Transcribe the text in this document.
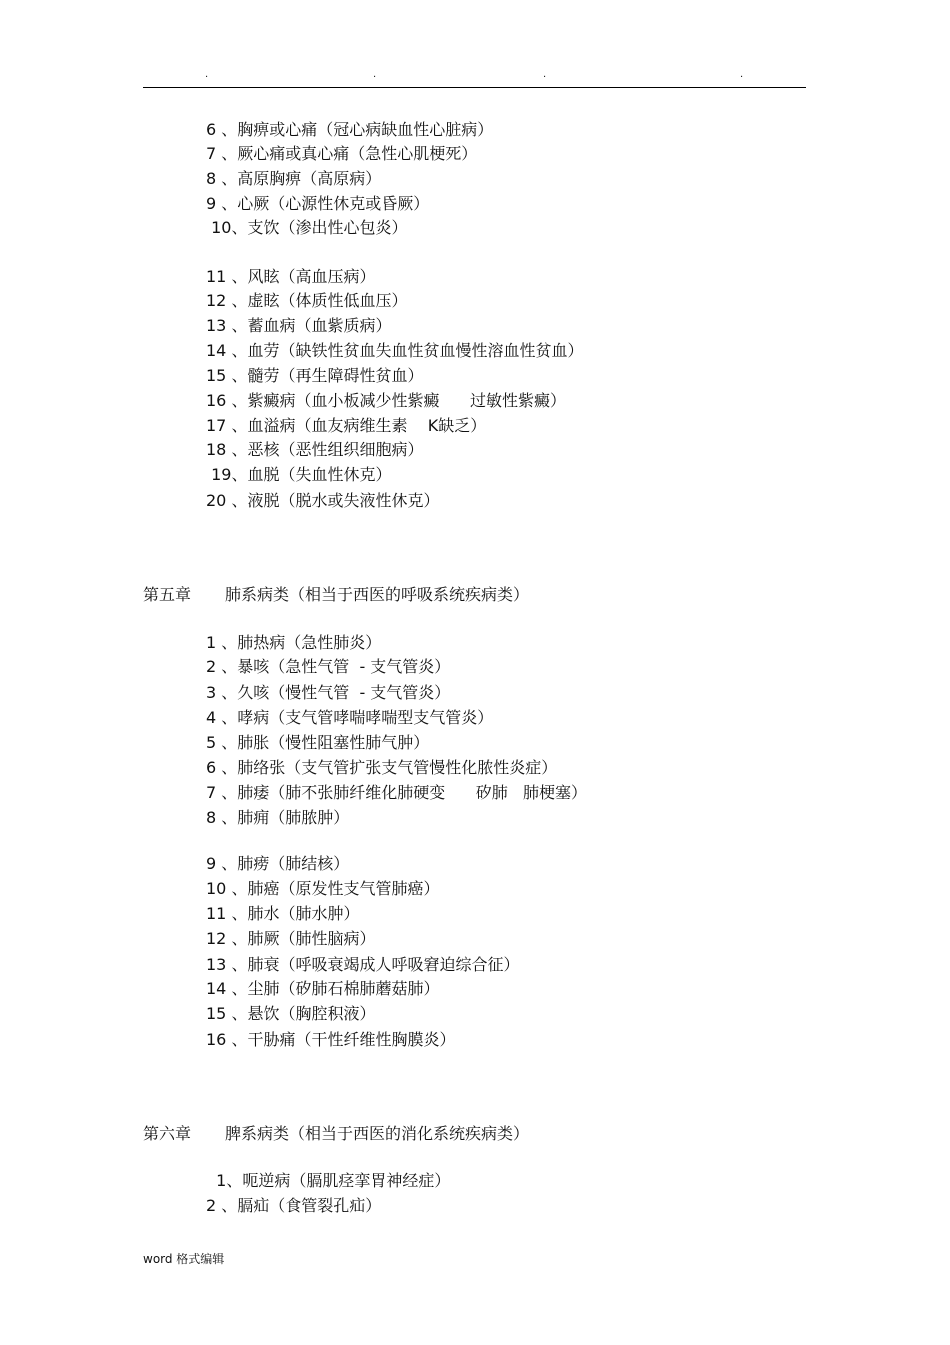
.	.	.	.
6 、胸痹或心痛（冠心病缺血性心脏病）
7 、厥心痛或真心痛（急性心肌梗死）
8 、高原胸痹（高原病）
9 、心厥（心源性休克或昏厥）
10、支饮（渗出性心包炎）
11 、风眩（高血压病）
12 、虚眩（体质性低血压）
13 、蓄血病（血紫质病）
14 、血劳（缺铁性贫血失血性贫血慢性溶血性贫血）
15 、髓劳（再生障碍性贫血）
16 、紫癜病（血小板减少性紫癜      过敏性紫癜）
17 、血溢病（血友病维生素    K缺乏）
18 、恶核（恶性组织细胞病）
19、血脱（失血性休克）
20 、液脱（脱水或失液性休克）
第五章 肺系病类（相当于西医的呼吸系统疾病类）
1 、肺热病（急性肺炎）
2 、暴咳（急性气管  - 支气管炎）
3 、久咳（慢性气管  - 支气管炎）
4 、哮病（支气管哮喘哮喘型支气管炎）
5 、肺胀（慢性阻塞性肺气肿）
6 、肺络张（支气管扩张支气管慢性化脓性炎症）
7 、肺痿（肺不张肺纤维化肺硬变      矽肺   肺梗塞）
8 、肺痈（肺脓肿）
9 、肺痨（肺结核）
10 、肺癌（原发性支气管肺癌）
11 、肺水（肺水肿）
12 、肺厥（肺性脑病）
13 、肺衰（呼吸衰竭成人呼吸窘迫综合征）
14 、尘肺（矽肺石棉肺蘑菇肺）
15 、悬饮（胸腔积液）
16 、干胁痛（干性纤维性胸膜炎）
第六章 脾系病类（相当于西医的消化系统疾病类）
1、呃逆病（膈肌痉挛胃神经症）
2 、膈疝（食管裂孔疝）
word 格式编辑
